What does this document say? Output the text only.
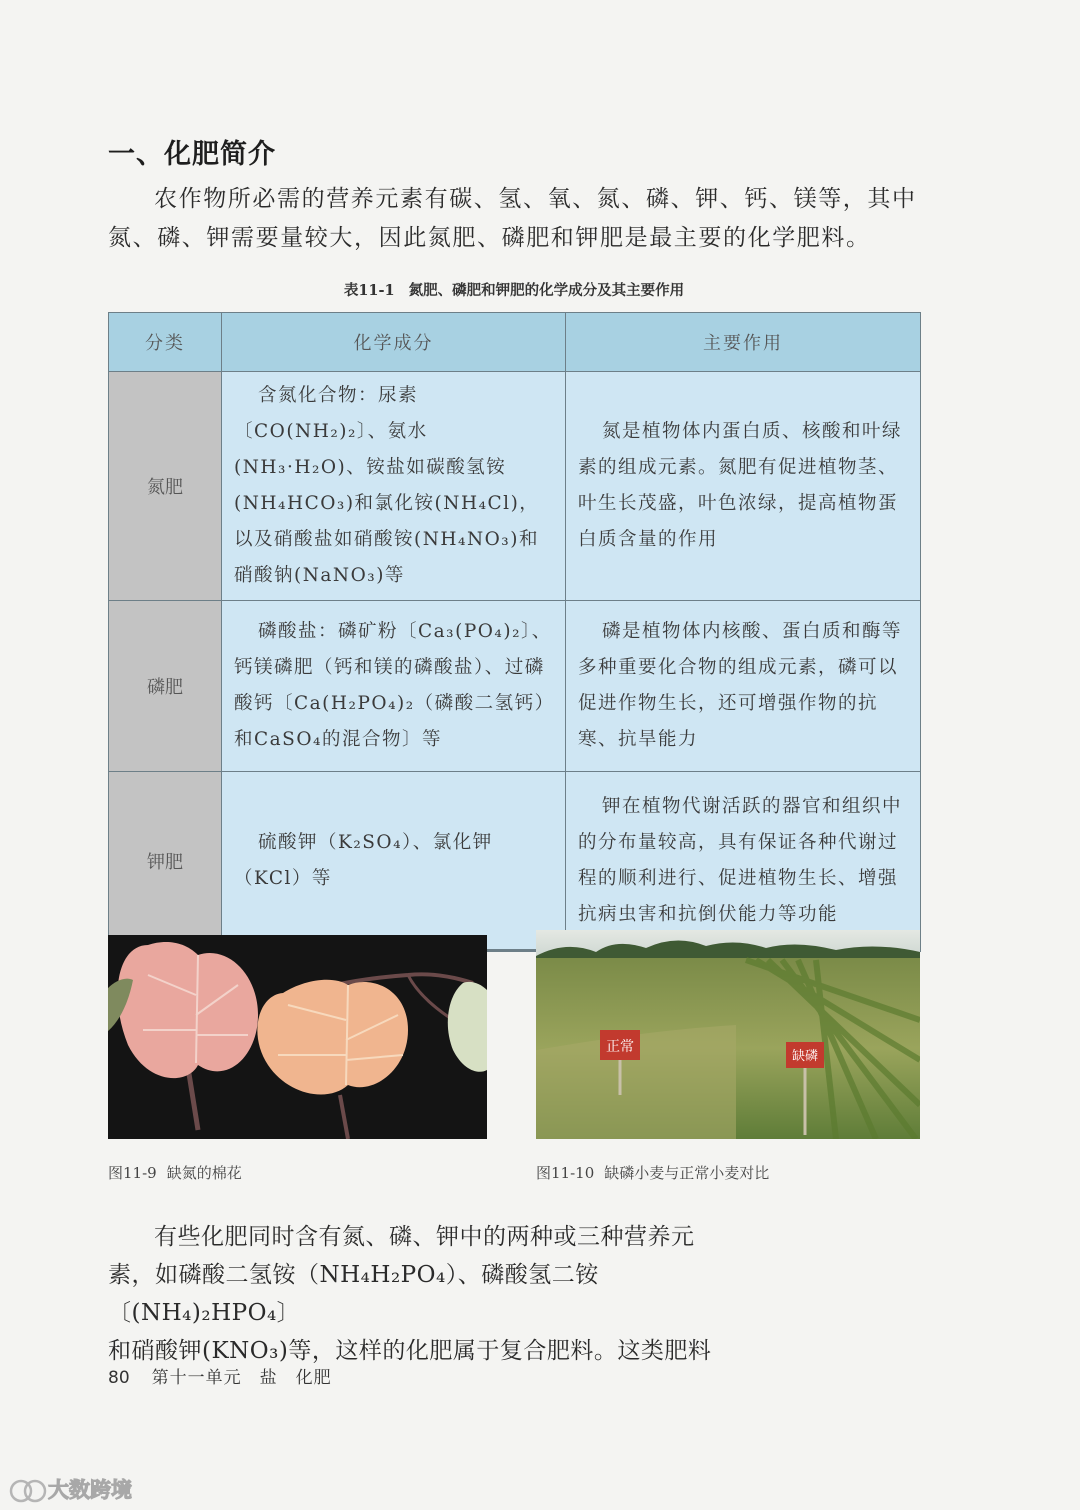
一、化肥简介
农作物所必需的营养元素有碳、氢、氧、氮、磷、钾、钙、镁等，其中
氮、磷、钾需要量较大，因此氮肥、磷肥和钾肥是最主要的化学肥料。
表11-1 氮肥、磷肥和钾肥的化学成分及其主要作用
分类	化学成分	主要作用
氮肥	含氮化合物：尿素〔CO(NH₂)₂〕、氨水(NH₃·H₂O)、铵盐如碳酸氢铵(NH₄HCO₃)和氯化铵(NH₄Cl)，以及硝酸盐如硝酸铵(NH₄NO₃)和硝酸钠(NaNO₃)等	氮是植物体内蛋白质、核酸和叶绿素的组成元素。氮肥有促进植物茎、叶生长茂盛，叶色浓绿，提高植物蛋白质含量的作用

磷肥	磷酸盐：磷矿粉〔Ca₃(PO₄)₂〕、钙镁磷肥（钙和镁的磷酸盐）、过磷酸钙〔Ca(H₂PO₄)₂（磷酸二氢钙）和CaSO₄的混合物〕等	磷是植物体内核酸、蛋白质和酶等多种重要化合物的组成元素，磷可以促进作物生长，还可增强作物的抗寒、抗旱能力

钾肥	硫酸钾（K₂SO₄）、氯化钾（KCl）等	钾在植物代谢活跃的器官和组织中的分布量较高，具有保证各种代谢过程的顺利进行、促进植物生长、增强抗病虫害和抗倒伏能力等功能

正常
缺磷
图11-9 缺氮的棉花	图11-10 缺磷小麦与正常小麦对比
有些化肥同时含有氮、磷、钾中的两种或三种营养元
素，如磷酸二氢铵（NH₄H₂PO₄）、磷酸氢二铵〔(NH₄)₂HPO₄〕
和硝酸钾(KNO₃)等，这样的化肥属于复合肥料。这类肥料
80 第十一单元　盐　化肥
大数跨境
